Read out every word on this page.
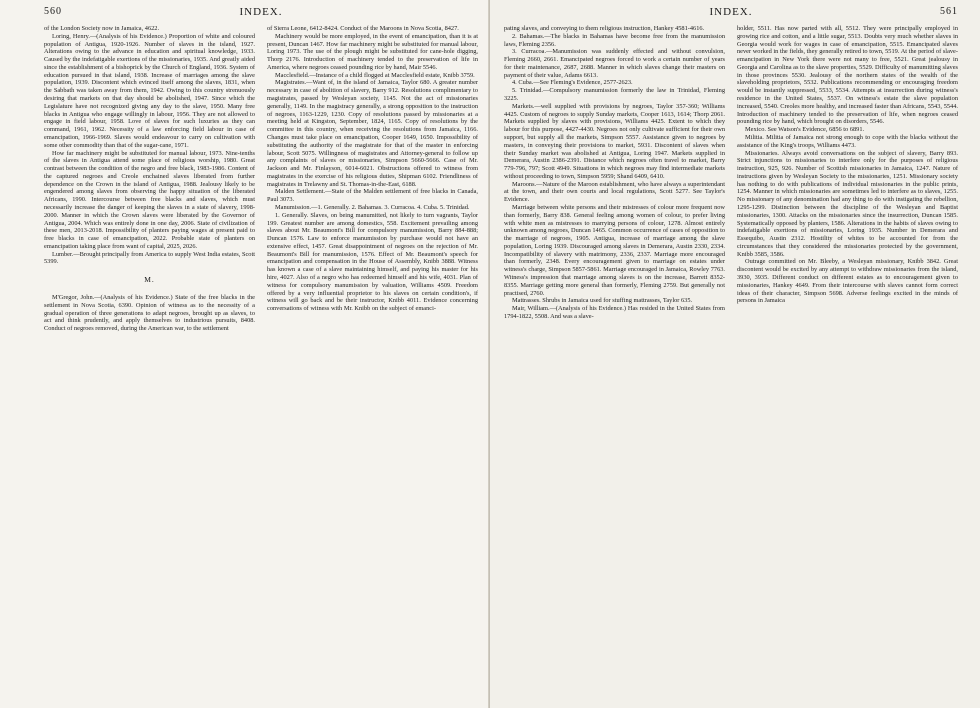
560	INDEX.

of the London Society now in Jamaica, 4622.

Loring, Henry.—(Analysis of his Evidence.) Proportion of white and coloured population of Antigua, 1920-1926. Number of slaves in the island, 1927. Alterations owing to the advance in education and spiritual knowledge, 1933. Caused by the indefatigable exertions of the missionaries, 1935. And greatly aided since the establishment of a bishoprick by the Church of England, 1936. System of education pursued in that island, 1938. Increase of marriages among the slave population, 1939. Discontent which evinced itself among the slaves, 1831, when the Sabbath was taken away from them, 1942. Owing to this country strenuously desiring that markets on that day should be abolished, 1947. Since which the Legislature have not recognized giving any day to the slave, 1950. Many free blacks in Antigua who engage willingly in labour, 1956. They are not allowed to engage in field labour, 1958. Love of slaves for such luxuries as they can command, 1961, 1962. Necessity of a law enforcing field labour in case of emancipation, 1966-1969. Slaves would endeavour to carry on cultivation with some other commodity than that of the sugar-cane, 1971.

How far machinery might be substituted for manual labour, 1973. Nine-tenths of the slaves in Antigua attend some place of religious worship, 1980. Great contrast between the condition of the negro and free black, 1983-1986. Content of the captured negroes and Creole enchained slaves liberated from further dependence on the Crown in the island of Antigua, 1988. Jealousy likely to be engendered among slaves from observing the happy situation of the liberated Africans, 1990. Intercourse between free blacks and slaves, which must necessarily increase the danger of keeping the slaves in a state of slavery, 1998-2000. Manner in which the Crown slaves were liberated by the Governor of Antigua, 2004. Which was entirely done in one day, 2006. State of civilization of these men, 2013-2018. Impossibility of planters paying wages at present paid to free blacks in case of emancipation, 2022. Probable state of planters on emancipation taking place from want of capital, 2025, 2026.

Lumber.—Brought principally from America to supply West India estates, Scott 5399.

M.

M'Gregor, John.—(Analysis of his Evidence.) State of the free blacks in the settlement in Nova Scotia, 6390. Opinion of witness as to the necessity of a gradual operation of three generations to adapt negroes, brought up as slaves, to act and think prudently, and apply themselves to industrious pursuits, 8408. Conduct of negroes removed, during the American war, to the settlement

of Sierra Leone, 6412-8424. Conduct of the Maroons in Nova Scotia, 8427.

Machinery would be more employed, in the event of emancipation, than it is at present, Duncan 1467. How far machinery might be substituted for manual labour, Loring 1973. The use of the plough might be substituted for cane-hole digging, Thorp 2176. Introduction of machinery tended to the preservation of life in America, where negroes ceased pounding rice by hand, Mair 5546.

Macclesfield.—Instance of a child flogged at Macclesfield estate, Knibb 3759.

Magistrates.—Want of, in the island of Jamaica, Taylor 680. A greater number necessary in case of abolition of slavery, Barry 912. Resolutions complimentary to magistrates, passed by Wesleyan society, 1145. Not the act of missionaries generally, 1149. In the magistracy generally, a strong opposition to the instruction of negroes, 1163-1229, 1230. Copy of resolutions passed by missionaries at a meeting held at Kingston, September, 1824, 1165. Copy of resolutions by the committee in this country, when receiving the resolutions from Jamaica, 1166. Changes must take place on emancipation, Cooper 1649, 1650. Impossibility of substituting the authority of the magistrate for that of the master in enforcing labour, Scott 5075. Willingness of magistrates and Attorney-general to follow up any complaints of slaves or missionaries, Simpson 5660-5666. Case of Mr. Jackson and Mr. Finlayson, 6014-6021. Obstructions offered to witness from magistrates in the exercise of his religious duties, Shipman 6102. Friendliness of magistrates in Trelawny and St. Thomas-in-the-East, 6188.

Malden Settlement.—State of the Malden settlement of free blacks in Canada, Paul 3073.

Manumission.—1. Generally. 2. Bahamas. 3. Curracoa. 4. Cuba. 5. Trinidad.

1. Generally. Slaves, on being manumitted, not likely to turn vagrants, Taylor 199. Greatest number are among domestics, 558. Excitement prevailing among slaves about Mr. Beaumont's Bill for compulsory manumission, Barry 884-888; Duncan 1576. Law to enforce manumission by purchase would not have an extensive effect, 1457. Great disappointment of negroes on the rejection of Mr. Beaumont's Bill for manumission, 1576. Effect of Mr. Beaumont's speech for emancipation and compensation in the House of Assembly, Knibb 3888. Witness has known a case of a slave maintaining himself, and paying his master for his hire, 4027. Also of a negro who has redeemed himself and his wife, 4031. Plan of witness for compulsory manumission by valuation, Williams 4509. Freedom offered by a very influential proprietor to his slaves on certain condition's, if witness will go back and be their instructor, Knibb 4011. Evidence concerning conversations of witness with Mr. Knibb on the subject of emanci-

INDEX.	561

pating slaves, and conveying to them religious instruction, Hankey 4581-4616.

2. Bahamas.—The blacks in Bahamas have become free from the manumission laws, Fleming 2356.

3. Curracoa.—Manumission was suddenly effected and without convulsion, Fleming 2660, 2661. Emancipated negroes forced to work a certain number of years for their maintenance, 2687, 2688. Manner in which slaves change their masters on payment of their value, Adams 6613.

4. Cuba.—See Fleming's Evidence, 2577-2623.

5. Trinidad.—Compulsory manumission formerly the law in Trinidad, Fleming 3225.

Markets.—well supplied with provisions by negroes, Taylor 357-360; Williams 4425. Custom of negroes to supply Sunday markets, Cooper 1613, 1614; Thorp 2061. Markets supplied by slaves with provisions, Williams 4425. Extent to which they labour for this purpose, 4427-4430. Negroes not only cultivate sufficient for their own support, but supply all the markets, Simpson 5557. Assistance given to negroes by masters, in conveying their provisions to market, 5931. Discontent of slaves when their Sunday market was abolished at Antigua, Loring 1947. Markets supplied in Demerara, Austin 2386-2391. Distance which negroes often travel to market, Barry 779-796, 797; Scott 4949. Situations in which negroes may find intermediate markets without proceeding to town, Simpson 5959; Shand 6409, 6410.

Maroons.—Nature of the Maroon establishment, who have always a superintendant at the town, and their own courts and local regulations, Scott 5277. See Taylor's Evidence.

Marriage between white persons and their mistresses of colour more frequent now than formerly, Barry 838. General feeling among women of colour, to prefer living with white men as mistresses to marrying persons of colour, 1278. Almost entirely unknown among negroes, Duncan 1465. Common occurrence of cases of opposition to the marriage of negroes, 1905. Antigua, increase of marriage among the slave population, Loring 1939. Discouraged among slaves in Demerara, Austin 2330, 2334. Incompatibility of slavery with matrimony, 2336, 2337. Marriage more encouraged than formerly, 2348. Every encouragement given to marriage on estates under witness's charge, Simpson 5857-5861. Marriage encouraged in Jamaica, Rowley 7763. Witness's impression that marriage among slaves is on the increase, Barrett 8352-8355. Marriage getting more general than formerly, Fleming 2759. But generally not practised, 2760.

Mattrasses. Shrubs in Jamaica used for stuffing mattrasses, Taylor 635.

Mair, William.—(Analysis of his Evidence.) Has resided in the United States from 1794-1822, 5508. And was a slave-

holder, 5511. Has now parted with all, 5512. They were principally employed in growing rice and cotton, and a little sugar, 5513. Doubts very much whether slaves in Georgia would work for wages in case of emancipation, 5515. Emancipated slaves never worked in the fields, they generally retired to town, 5519. At the period of slave-emancipation in New York there were not many to free, 5521. Great jealousy in Georgia and Carolina as to the slave properties, 5529. Difficulty of manumitting slaves in those provinces 5530. Jealousy of the northern states of the wealth of the slaveholding proprietors, 5532. Publications recommending or encouraging freedom would be instantly suppressed, 5533, 5534. Attempts at insurrection during witness's residence in the United States, 5537. On witness's estate the slave population increased, 5540. Creoles more healthy, and increased faster than Africans, 5543, 5544. Introduction of machinery tended to the preservation of life, when negroes ceased pounding rice by hand, which brought on disorders, 5546.

Mexico. See Watson's Evidence, 6856 to 6891.

Militia. Militia of Jamaica not strong enough to cope with the blacks without the assistance of the King's troops, Williams 4473.

Missionaries. Always avoid conversations on the subject of slavery, Barry 893. Strict injunctions to missionaries to interfere only for the purposes of religious instruction, 925, 926. Number of Scottish missionaries in Jamaica, 1247. Nature of instructions given by Wesleyan Society to the missionaries, 1251. Missionary society has nothing to do with publications of individual missionaries in the public prints, 1254. Manner in which missionaries are sometimes led to interfere as to slaves, 1255. No missionary of any denomination had any thing to do with instigating the rebellion, 1295-1299. Distinction between the discipline of the Wesleyan and Baptist missionaries, 1300. Attacks on the missionaries since the insurrection, Duncan 1585. Systematically opposed by planters, 1586. Alterations in the habits of slaves owing to indefatigable exertions of missionaries, Loring 1935. Number in Demerara and Essequibo, Austin 2312. Hostility of whites to be accounted for from the circumstances that they considered the missionaries protected by the government, Knibb 3585, 3586.

Outrage committed on Mr. Bleeby, a Wesleyan missionary, Knibb 3842. Great discontent would be excited by any attempt to withdraw missionaries from the island, 3930, 3935. Different conduct on different estates as to encouragement given to missionaries, Hankey 4649. From their intercourse with slaves cannot form correct ideas of their character, Simpson 5698. Adverse feelings excited in the minds of persons in Jamaica
